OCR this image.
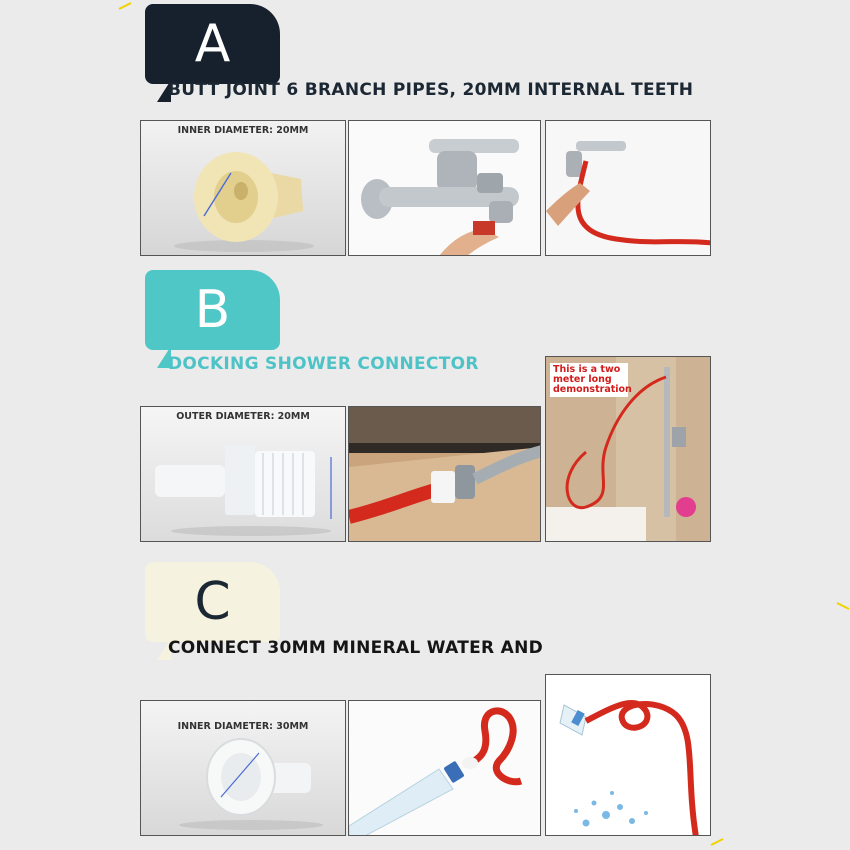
A
BUTT JOINT 6 BRANCH PIPES, 20MM INTERNAL TEETH
INNER DIAMETER: 20MM
B
DOCKING SHOWER CONNECTOR
OUTER DIAMETER: 20MM
This is a two meter long demonstration
C
CONNECT 30MM MINERAL WATER AND
INNER DIAMETER: 30MM
